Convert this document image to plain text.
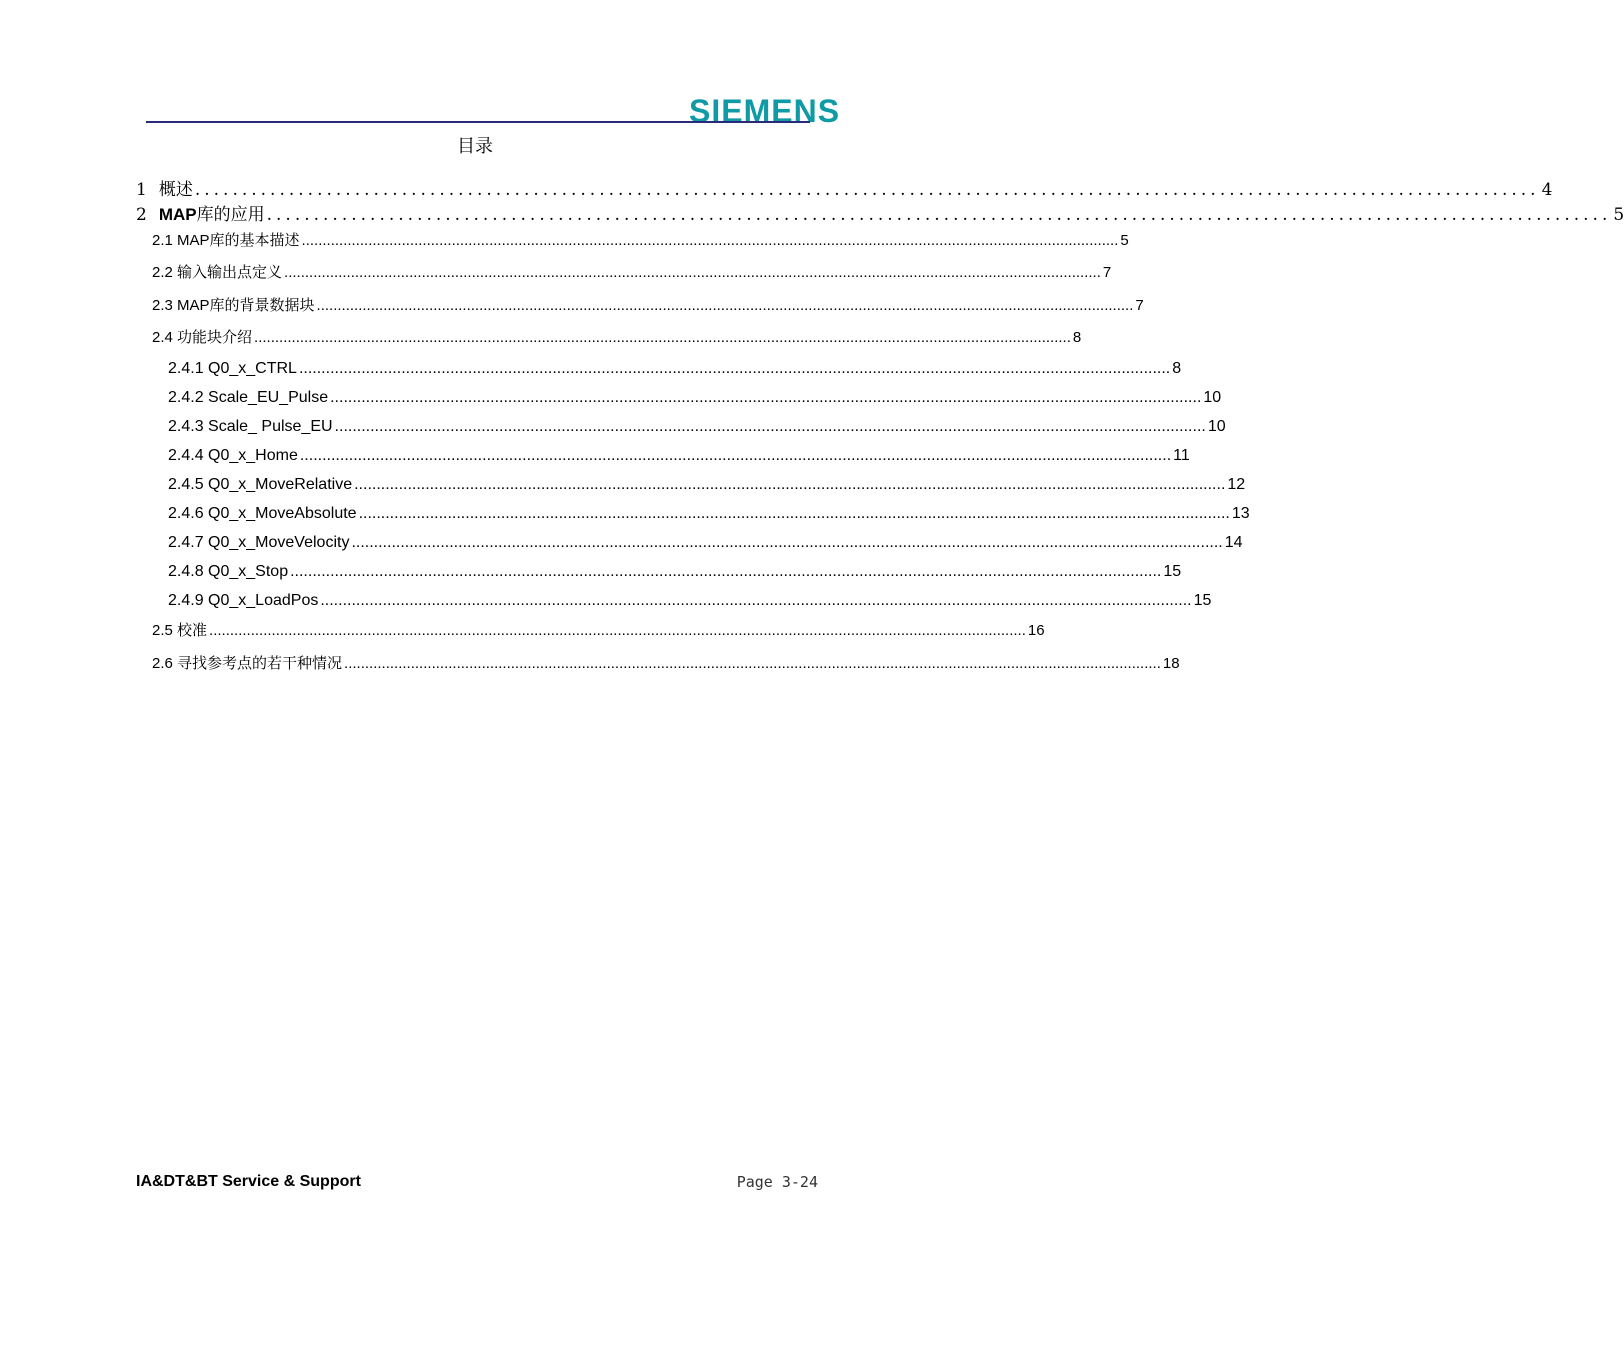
SIEMENS
目录
1 概述 ............................................................................................................................................... 4
2 MAP库的应用 ............................................................................................................................................... 5
2.1 MAP库的基本描述 .................................................................................................................................................................................................... 5
2.2 输入输出点定义 .................................................................................................................................................................................................... 7
2.3 MAP库的背景数据块 .................................................................................................................................................................................................... 7
2.4 功能块介绍 .................................................................................................................................................................................................... 8
2.4.1 Q0_x_CTRL .................................................................................................................................................................................................... 8
2.4.2 Scale_EU_Pulse .................................................................................................................................................................................................... 10
2.4.3 Scale_ Pulse_EU .................................................................................................................................................................................................... 10
2.4.4 Q0_x_Home .................................................................................................................................................................................................... 11
2.4.5 Q0_x_MoveRelative .................................................................................................................................................................................................... 12
2.4.6 Q0_x_MoveAbsolute .................................................................................................................................................................................................... 13
2.4.7 Q0_x_MoveVelocity .................................................................................................................................................................................................... 14
2.4.8 Q0_x_Stop .................................................................................................................................................................................................... 15
2.4.9 Q0_x_LoadPos .................................................................................................................................................................................................... 15
2.5 校准 .................................................................................................................................................................................................... 16
2.6 寻找参考点的若干种情况 .................................................................................................................................................................................................... 18
IA&DT&BT Service & Support	Page 3-24
